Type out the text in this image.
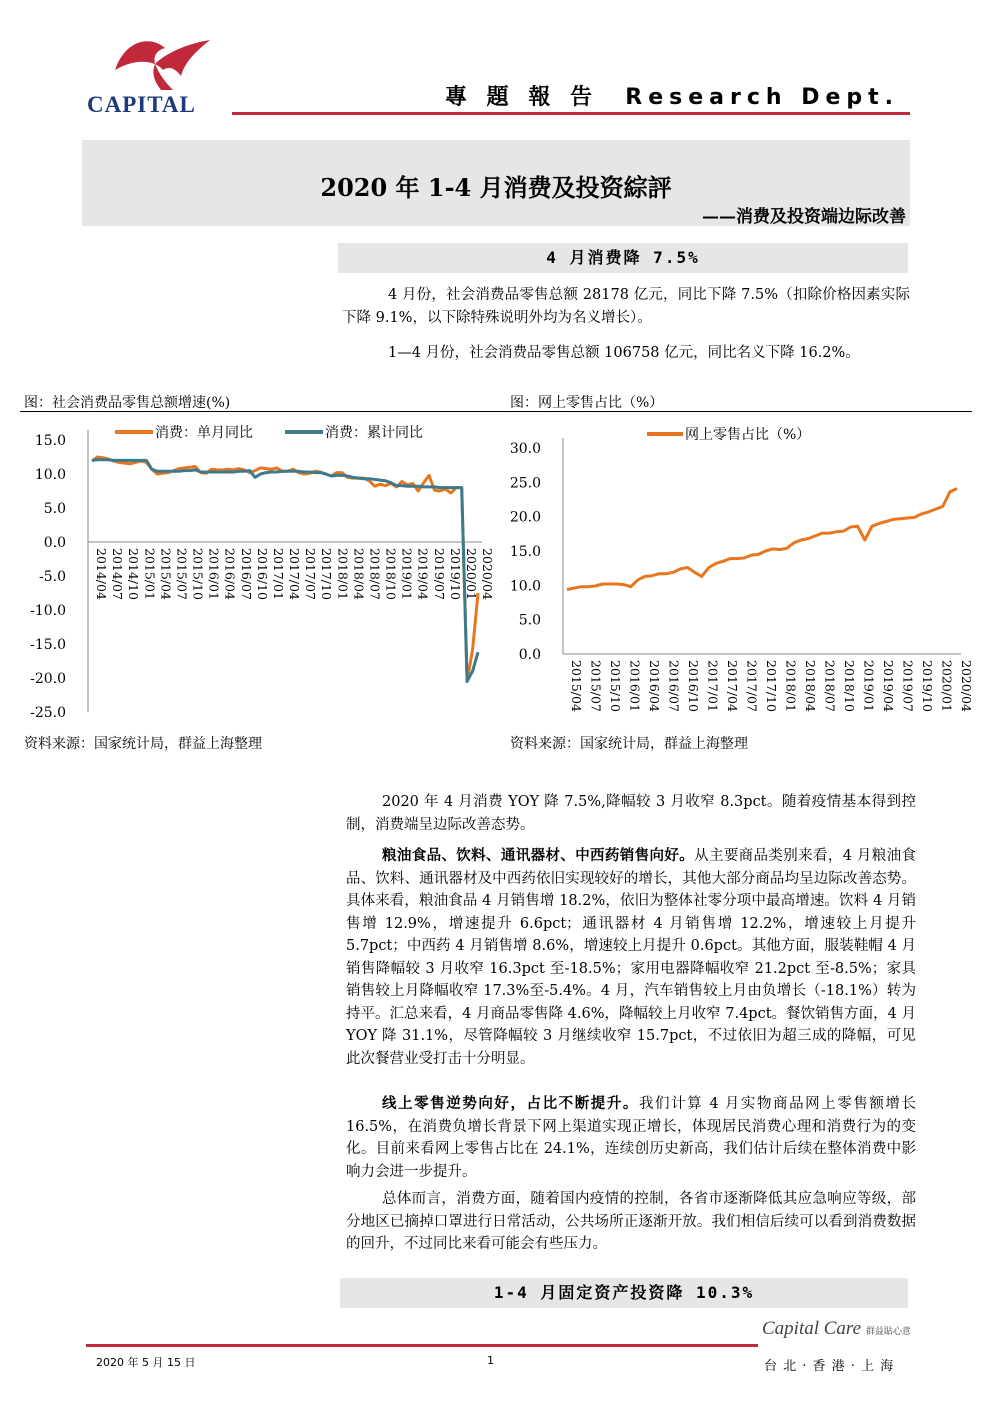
CAPITAL	專 題 報 告  Research Dept.
2020 年 1-4 月消费及投资綜評
——消费及投资端边际改善
4 月消费降 7.5%
4 月份，社会消费品零售总额 28178 亿元，同比下降 7.5%（扣除价格因素实际下降 9.1%，以下除特殊说明外均为名义增长）。
1—4 月份，社会消费品零售总额 106758 亿元，同比名义下降 16.2%。
图：社会消费品零售总额增速(%)	图：网上零售占比（%）
15.0
10.0
5.0
0.0
-5.0
-10.0
-15.0
-20.0
-25.0
2014/04 2014/07 2014/10 2015/01 2015/04 2015/07 2015/10 2016/01 2016/04 2016/07 2016/10 2017/01 2017/04 2017/07 2017/10 2018/01 2018/04 2018/07 2018/10 2019/01 2019/04 2019/07 2019/10 2020/01 2020/04
消费：单月同比	消费：累计同比
30.0
25.0
20.0
15.0
10.0
5.0
0.0
2015/04 2015/07 2015/10 2016/01 2016/04 2016/07 2016/10 2017/01 2017/04 2017/07 2017/10 2018/01 2018/04 2018/07 2018/10 2019/01 2019/04 2019/07 2019/10 2020/01 2020/04
网上零售占比（%）
资料来源：国家统计局，群益上海整理	资料来源：国家统计局，群益上海整理
2020 年 4 月消费 YOY 降 7.5%,降幅较 3 月收窄 8.3pct。随着疫情基本得到控制，消费端呈边际改善态势。
粮油食品、饮料、通讯器材、中西药销售向好。从主要商品类别来看，4 月粮油食品、饮料、通讯器材及中西药依旧实现较好的增长，其他大部分商品均呈边际改善态势。具体来看，粮油食品 4 月销售增 18.2%，依旧为整体社零分项中最高增速。饮料 4 月销售增 12.9%，增速提升 6.6pct；通讯器材 4 月销售增 12.2%，增速较上月提升 5.7pct；中西药 4 月销售增 8.6%，增速较上月提升 0.6pct。其他方面，服装鞋帽 4 月销售降幅较 3 月收窄 16.3pct 至-18.5%；家用电器降幅收窄 21.2pct 至-8.5%；家具销售较上月降幅收窄 17.3%至-5.4%。4 月，汽车销售较上月由负增长（-18.1%）转为持平。汇总来看，4 月商品零售降 4.6%，降幅较上月收窄 7.4pct。餐饮销售方面，4 月 YOY 降 31.1%，尽管降幅较 3 月继续收窄 15.7pct，不过依旧为超三成的降幅，可见此次餐营业受打击十分明显。
线上零售逆势向好，占比不断提升。我们计算 4 月实物商品网上零售额增长 16.5%，在消费负增长背景下网上渠道实现正增长，体现居民消费心理和消费行为的变化。目前来看网上零售占比在 24.1%，连续创历史新高，我们估计后续在整体消费中影响力会进一步提升。
总体而言，消费方面，随着国内疫情的控制，各省市逐渐降低其应急响应等级，部分地区已摘掉口罩进行日常活动，公共场所正逐渐开放。我们相信后续可以看到消费数据的回升，不过同比来看可能会有些压力。
1-4 月固定资产投资降 10.3%
2020 年 5 月 15 日	1
Capital Care 群益貼心意
台 北 · 香 港 · 上 海
